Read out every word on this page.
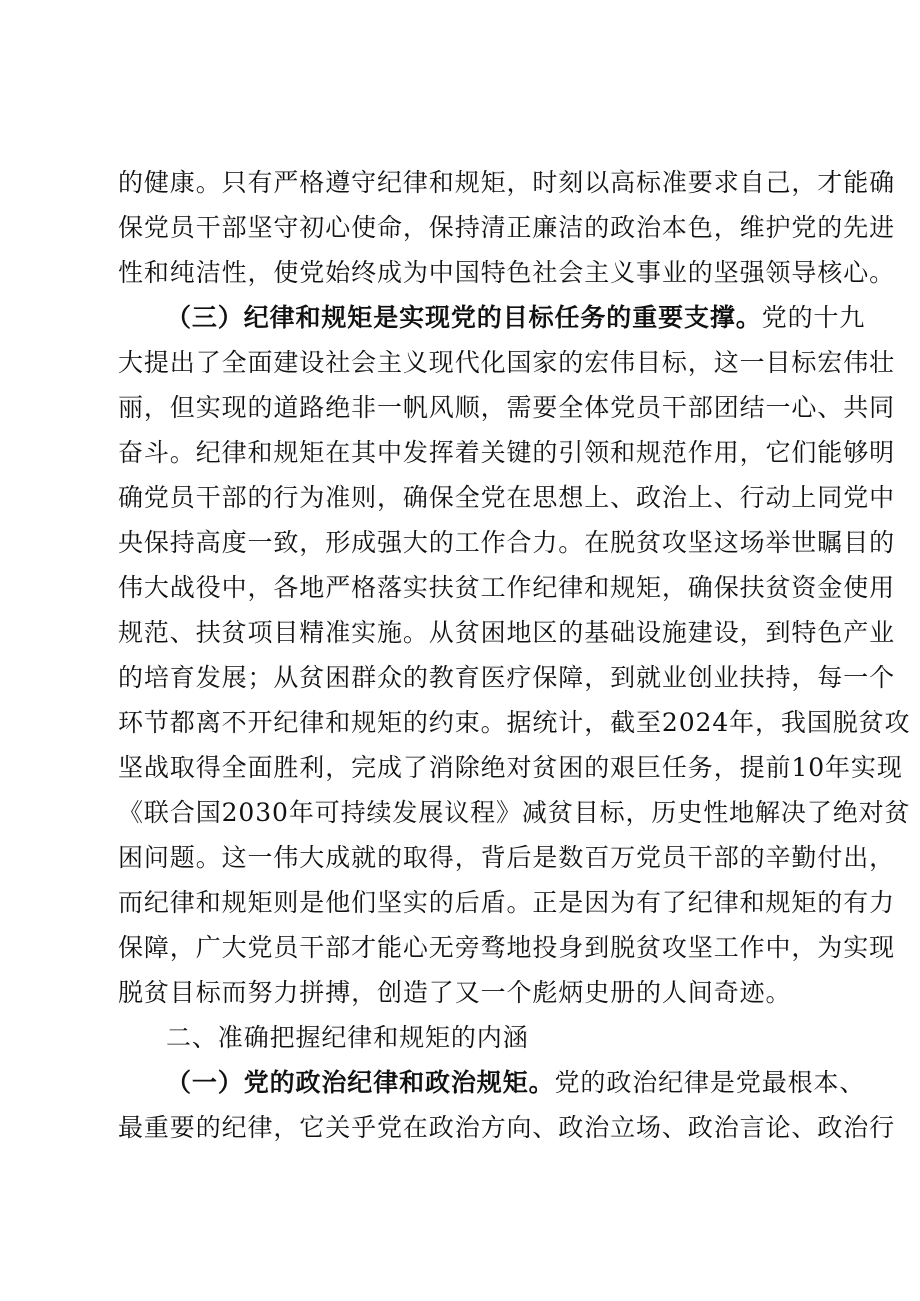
的健康。只有严格遵守纪律和规矩，时刻以高标准要求自己，才能确
保党员干部坚守初心使命，保持清正廉洁的政治本色，维护党的先进
性和纯洁性，使党始终成为中国特色社会主义事业的坚强领导核心。
（三）纪律和规矩是实现党的目标任务的重要支撑。党的十九
大提出了全面建设社会主义现代化国家的宏伟目标，这一目标宏伟壮
丽，但实现的道路绝非一帆风顺，需要全体党员干部团结一心、共同
奋斗。纪律和规矩在其中发挥着关键的引领和规范作用，它们能够明
确党员干部的行为准则，确保全党在思想上、政治上、行动上同党中
央保持高度一致，形成强大的工作合力。在脱贫攻坚这场举世瞩目的
伟大战役中，各地严格落实扶贫工作纪律和规矩，确保扶贫资金使用
规范、扶贫项目精准实施。从贫困地区的基础设施建设，到特色产业
的培育发展；从贫困群众的教育医疗保障，到就业创业扶持，每一个
环节都离不开纪律和规矩的约束。据统计，截至2024年，我国脱贫攻
坚战取得全面胜利，完成了消除绝对贫困的艰巨任务，提前10年实现
《联合国2030年可持续发展议程》减贫目标，历史性地解决了绝对贫
困问题。这一伟大成就的取得，背后是数百万党员干部的辛勤付出，
而纪律和规矩则是他们坚实的后盾。正是因为有了纪律和规矩的有力
保障，广大党员干部才能心无旁骛地投身到脱贫攻坚工作中，为实现
脱贫目标而努力拼搏，创造了又一个彪炳史册的人间奇迹。
二、准确把握纪律和规矩的内涵
（一）党的政治纪律和政治规矩。党的政治纪律是党最根本、
最重要的纪律，它关乎党在政治方向、政治立场、政治言论、政治行
